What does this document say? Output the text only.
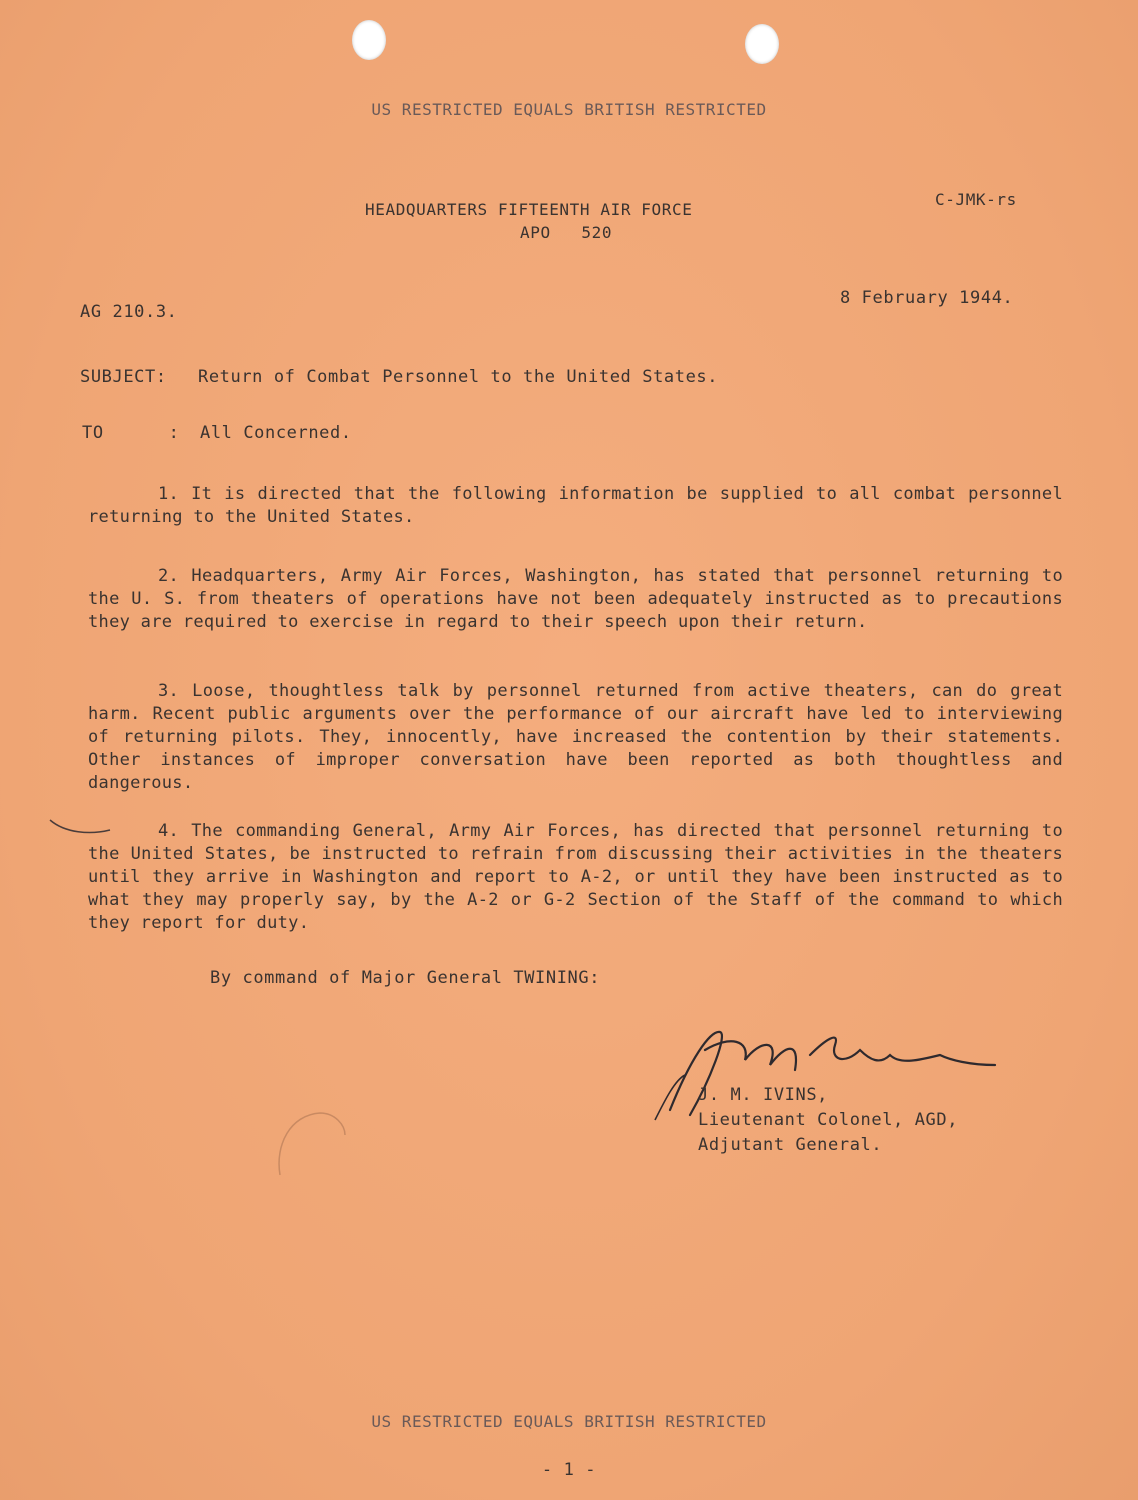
US RESTRICTED EQUALS BRITISH RESTRICTED
HEADQUARTERS FIFTEENTH AIR FORCE
APO   520
C-JMK-rs
AG 210.3.
8 February 1944.
SUBJECT: Return of Combat Personnel to the United States.
TO      : All Concerned.
1. It is directed that the following information be supplied to all combat personnel returning to the United States.
2. Headquarters, Army Air Forces, Washington, has stated that personnel returning to the U. S. from theaters of operations have not been adequately instructed as to precautions they are required to exercise in regard to their speech upon their return.
3. Loose, thoughtless talk by personnel returned from active theaters, can do great harm. Recent public arguments over the performance of our aircraft have led to interviewing of returning pilots. They, innocently, have increased the contention by their statements. Other instances of improper conversation have been reported as both thoughtless and dangerous.
4. The commanding General, Army Air Forces, has directed that personnel returning to the United States, be instructed to refrain from discussing their activities in the theaters until they arrive in Washington and report to A-2, or until they have been instructed as to what they may properly say, by the A-2 or G-2 Section of the Staff of the command to which they report for duty.
By command of Major General TWINING:
J. M. IVINS,
Lieutenant Colonel, AGD,
Adjutant General.
US RESTRICTED EQUALS BRITISH RESTRICTED
- 1 -
